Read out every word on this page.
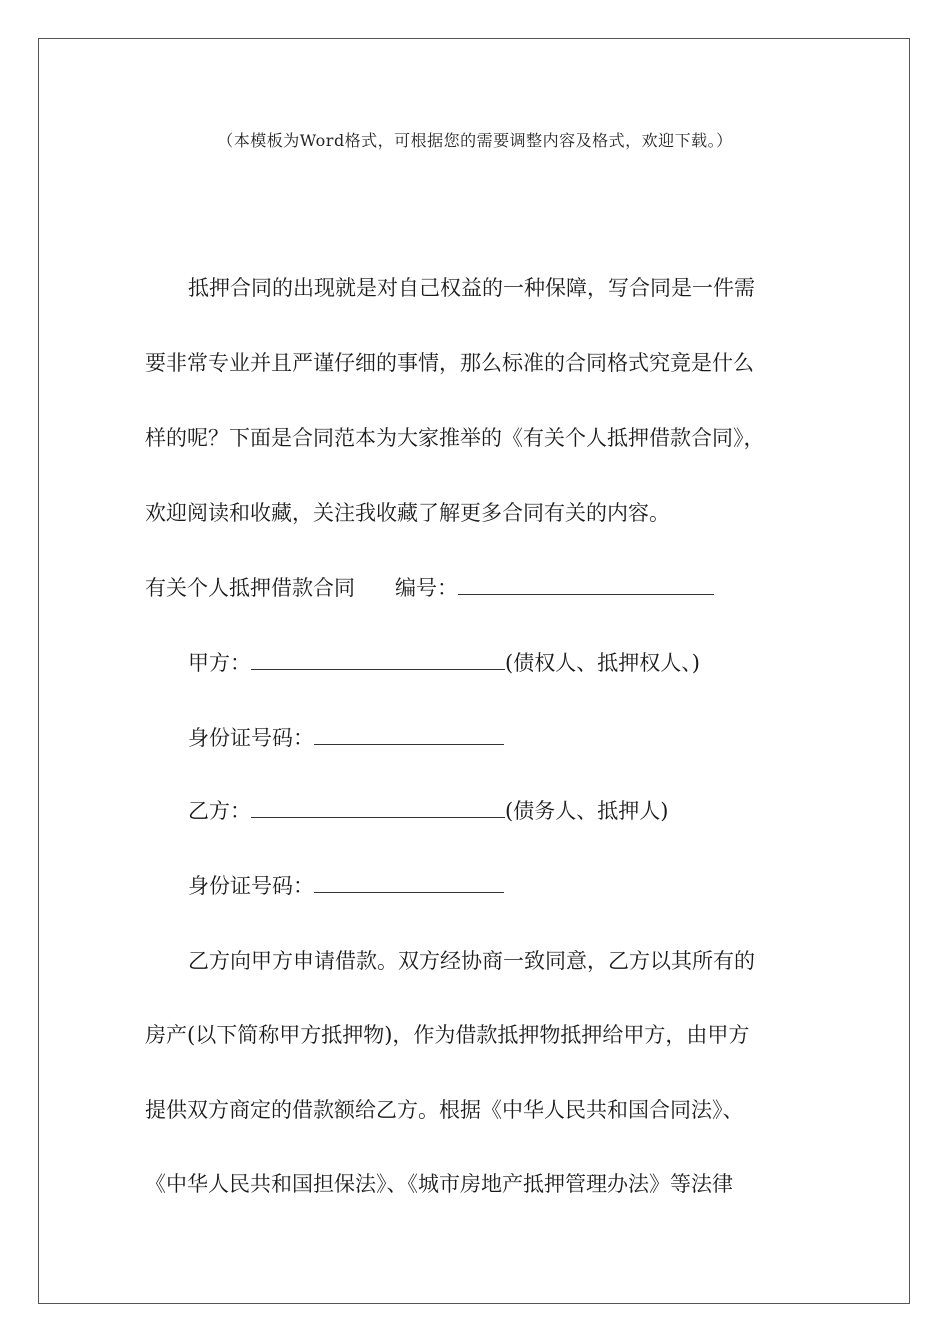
（本模板为Word格式，可根据您的需要调整内容及格式，欢迎下载。）
抵押合同的出现就是对自己权益的一种保障，写合同是一件需
要非常专业并且严谨仔细的事情，那么标准的合同格式究竟是什么
样的呢？下面是合同范本为大家推举的《有关个人抵押借款合同》，
欢迎阅读和收藏，关注我收藏了解更多合同有关的内容。
有关个人抵押借款合同 编号：
甲方：	(债权人、抵押权人、)
身份证号码：
乙方：	(债务人、抵押人)
身份证号码：
乙方向甲方申请借款。双方经协商一致同意，乙方以其所有的
房产(以下简称甲方抵押物)，作为借款抵押物抵押给甲方，由甲方
提供双方商定的借款额给乙方。根据《中华人民共和国合同法》、
《中华人民共和国担保法》、《城市房地产抵押管理办法》等法律
